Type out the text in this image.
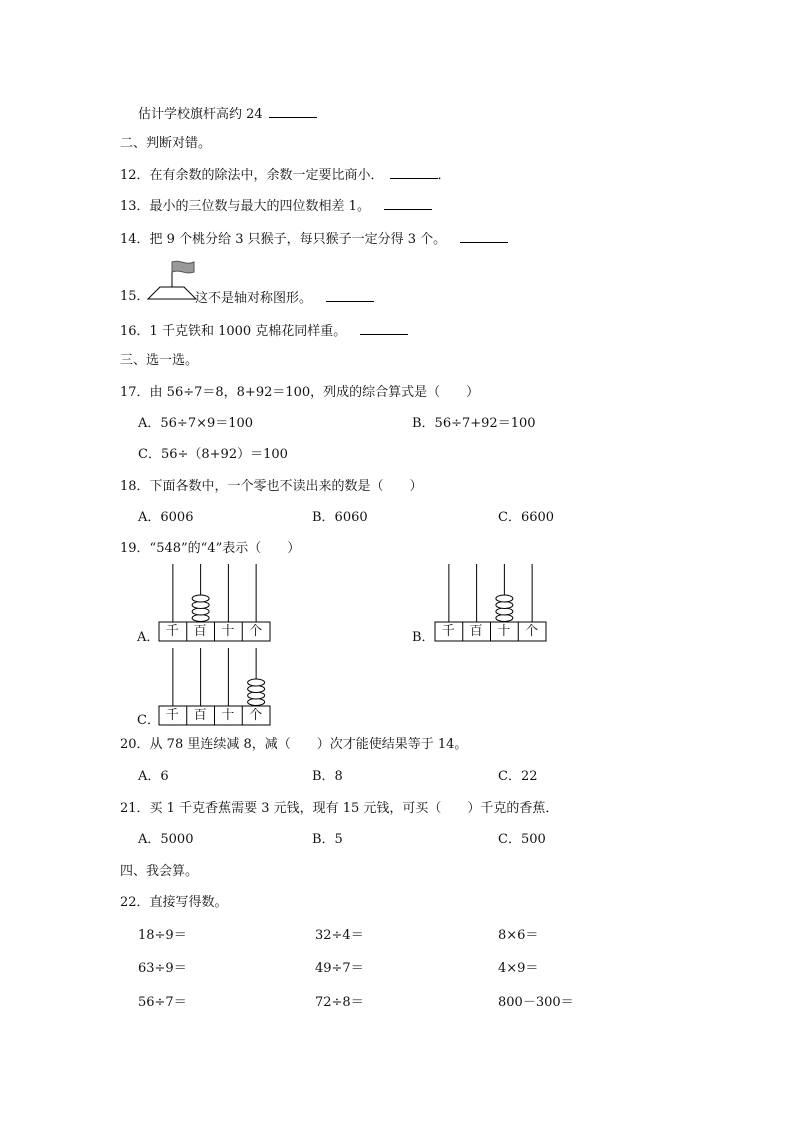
估计学校旗杆高约 24
二、判断对错。
12．在有余数的除法中，余数一定要比商小．	．
13．最小的三位数与最大的四位数相差 1。
14．把 9 个桃分给 3 只猴子，每只猴子一定分得 3 个。
15．	这不是轴对称图形。
16．1 千克铁和 1000 克棉花同样重。
三、选一选。
17．由 56÷7＝8，8+92＝100，列成的综合算式是（　　）
A．56÷7×9＝100	B．56÷7+92＝100
C．56÷（8+92）＝100
18．下面各数中，一个零也不读出来的数是（　　）
A．6006	B．6060	C．6600
19．“548”的“4”表示（　　）
A．	B．
C．
千 百 十 个	千 百 十 个
千 百 十 个
20．从 78 里连续减 8，减（　　）次才能使结果等于 14。
A．6	B．8	C．22
21．买 1 千克香蕉需要 3 元钱，现有 15 元钱，可买（　　）千克的香蕉．
A．5000	B．5	C．500
四、我会算。
22．直接写得数。
18÷9＝	32÷4＝	8×6＝
63÷9＝	49÷7＝	4×9＝
56÷7＝	72÷8＝	800－300＝
